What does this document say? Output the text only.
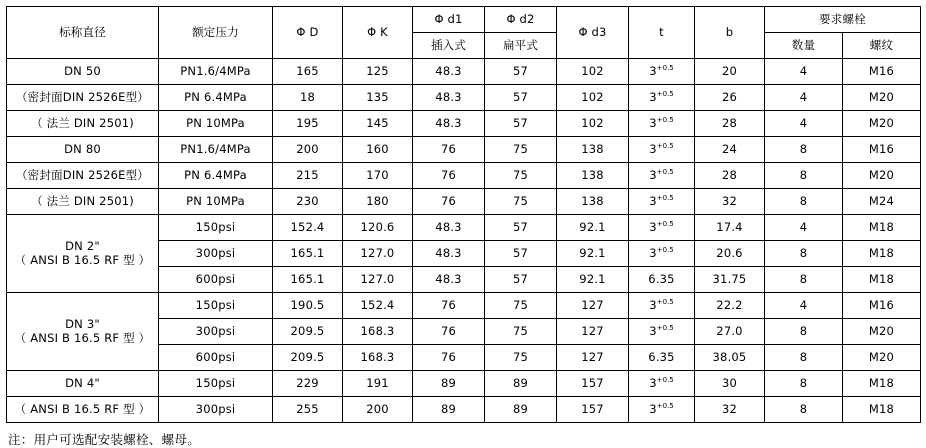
标称直径	额定压力	Φ D	Φ K	Φ d1	Φ d2	Φ d3	t	b	要求螺栓	
				插入式	扁平式				数量	螺纹
DN 50	PN1.6/4MPa	165	125	48.3	57	102	$3^{+0.5}$	20	4	M16
（密封面DIN 2526E型）	PN 6.4MPa	18	135	48.3	57	102	$3^{+0.5}$	26	4	M20
（ 法兰 DIN 2501)	PN 10MPa	195	145	48.3	57	102	$3^{+0.5}$	28	4	M20
DN 80	PN1.6/4MPa	200	160	76	75	138	$3^{+0.5}$	24	8	M16
（密封面DIN 2526E型）	PN 6.4MPa	215	170	76	75	138	$3^{+0.5}$	28	8	M20
（ 法兰 DIN 2501)	PN 10MPa	230	180	76	75	138	$3^{+0.5}$	32	8	M24

DN 2"
（ ANSI B 16.5 RF 型 ）	150psi	152.4	120.6	48.3	57	92.1	$3^{+0.5}$	17.4	4	M18
	300psi	165.1	127.0	48.3	57	92.1	$3^{+0.5}$	20.6	8	M18
	600psi	165.1	127.0	48.3	57	92.1	6.35	31.75	8	M18

DN 3"
（ ANSI B 16.5 RF 型 ）	150psi	190.5	152.4	76	75	127	$3^{+0.5}$	22.2	4	M16
	300psi	209.5	168.3	76	75	127	$3^{+0.5}$	27.0	8	M20
	600psi	209.5	168.3	76	75	127	6.35	38.05	8	M20
DN 4"	150psi	229	191	89	89	157	$3^{+0.5}$	30	8	M18
（ ANSI B 16.5 RF 型 ）	300psi	255	200	89	89	157	$3^{+0.5}$	32	8	M18
注：用户可选配安装螺栓、螺母。
